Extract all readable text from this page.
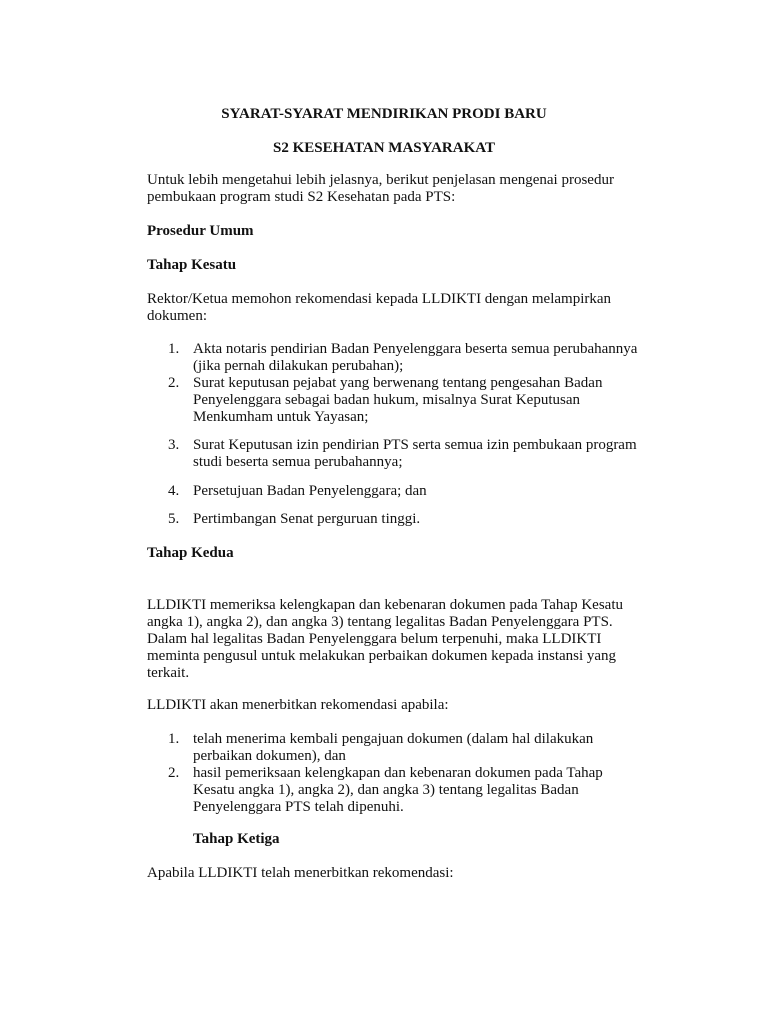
SYARAT-SYARAT MENDIRIKAN PRODI BARU
S2 KESEHATAN MASYARAKAT
Untuk lebih mengetahui lebih jelasnya, berikut penjelasan mengenai prosedur
pembukaan program studi S2 Kesehatan pada PTS:
Prosedur Umum
Tahap Kesatu
Rektor/Ketua memohon rekomendasi kepada LLDIKTI dengan melampirkan
dokumen:
1. Akta notaris pendirian Badan Penyelenggara beserta semua perubahannya
(jika pernah dilakukan perubahan);
2. Surat keputusan pejabat yang berwenang tentang pengesahan Badan
Penyelenggara sebagai badan hukum, misalnya Surat Keputusan
Menkumham untuk Yayasan;
3. Surat Keputusan izin pendirian PTS serta semua izin pembukaan program
studi beserta semua perubahannya;
4. Persetujuan Badan Penyelenggara; dan
5. Pertimbangan Senat perguruan tinggi.
Tahap Kedua
LLDIKTI memeriksa kelengkapan dan kebenaran dokumen pada Tahap Kesatu
angka 1), angka 2), dan angka 3) tentang legalitas Badan Penyelenggara PTS.
Dalam hal legalitas Badan Penyelenggara belum terpenuhi, maka LLDIKTI
meminta pengusul untuk melakukan perbaikan dokumen kepada instansi yang
terkait.
LLDIKTI akan menerbitkan rekomendasi apabila:
1. telah menerima kembali pengajuan dokumen (dalam hal dilakukan
perbaikan dokumen), dan
2. hasil pemeriksaan kelengkapan dan kebenaran dokumen pada Tahap
Kesatu angka 1), angka 2), dan angka 3) tentang legalitas Badan
Penyelenggara PTS telah dipenuhi.
Tahap Ketiga
Apabila LLDIKTI telah menerbitkan rekomendasi:
